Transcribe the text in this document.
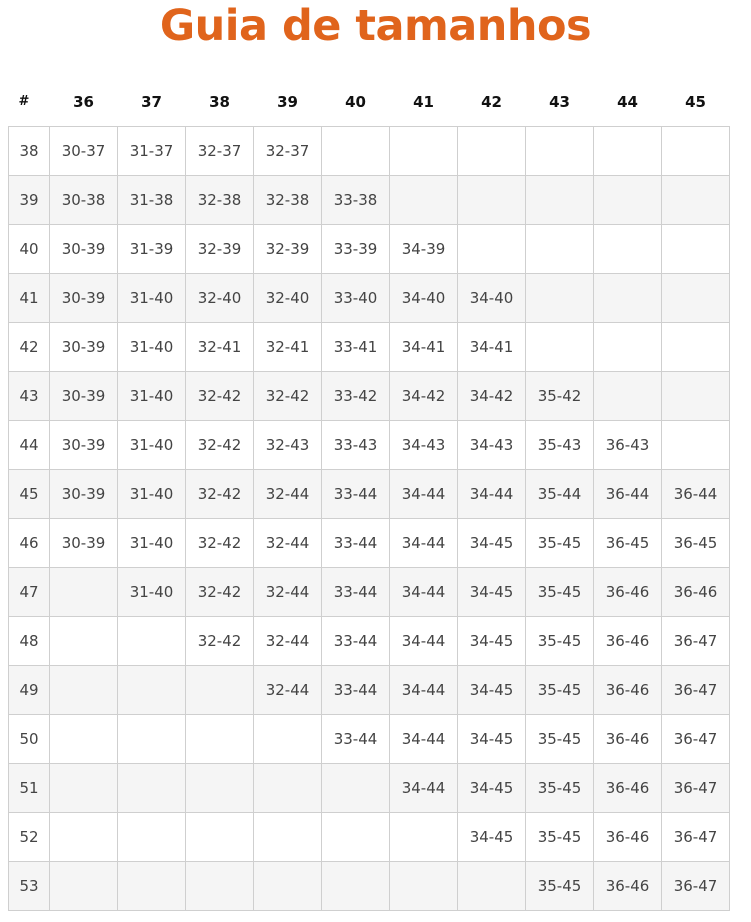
Guia de tamanhos
#	36	37	38	39	40	41	42	43	44	45
38	30-37	31-37	32-37	32-37						
39	30-38	31-38	32-38	32-38	33-38					
40	30-39	31-39	32-39	32-39	33-39	34-39				
41	30-39	31-40	32-40	32-40	33-40	34-40	34-40			
42	30-39	31-40	32-41	32-41	33-41	34-41	34-41			
43	30-39	31-40	32-42	32-42	33-42	34-42	34-42	35-42		
44	30-39	31-40	32-42	32-43	33-43	34-43	34-43	35-43	36-43	
45	30-39	31-40	32-42	32-44	33-44	34-44	34-44	35-44	36-44	36-44
46	30-39	31-40	32-42	32-44	33-44	34-44	34-45	35-45	36-45	36-45
47		31-40	32-42	32-44	33-44	34-44	34-45	35-45	36-46	36-46
48			32-42	32-44	33-44	34-44	34-45	35-45	36-46	36-47
49				32-44	33-44	34-44	34-45	35-45	36-46	36-47
50					33-44	34-44	34-45	35-45	36-46	36-47
51						34-44	34-45	35-45	36-46	36-47
52							34-45	35-45	36-46	36-47
53								35-45	36-46	36-47
